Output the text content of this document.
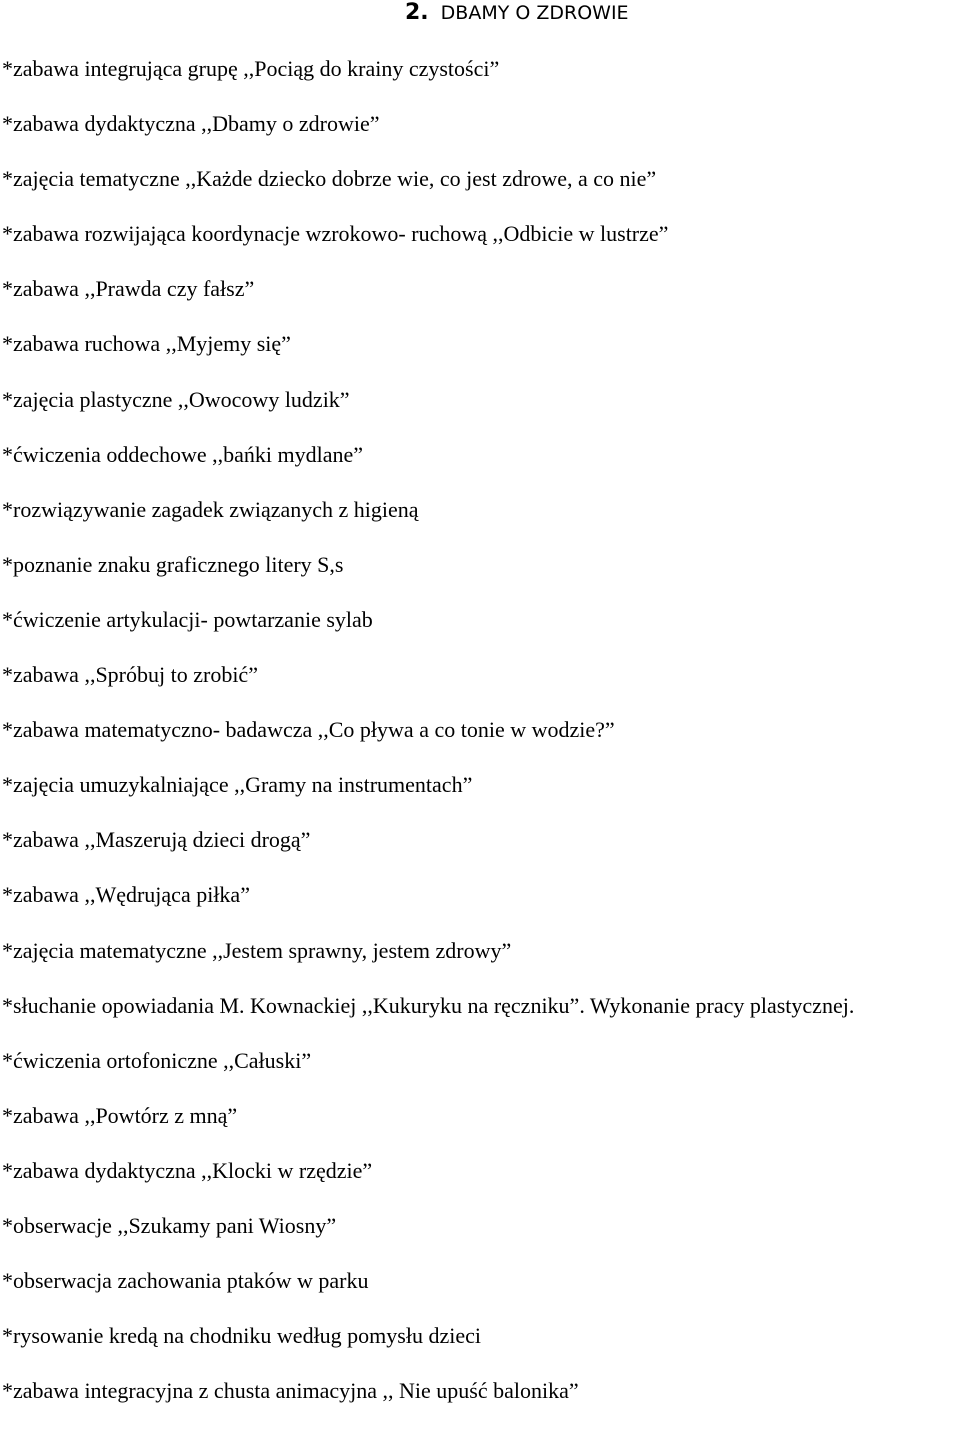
2. DBAMY O ZDROWIE
*zabawa integrująca grupę ,,Pociąg do krainy czystości”
*zabawa dydaktyczna ,,Dbamy o zdrowie”
*zajęcia tematyczne ,,Każde dziecko dobrze wie, co jest zdrowe, a co nie”
*zabawa rozwijająca koordynacje wzrokowo- ruchową ,,Odbicie w lustrze”
*zabawa ,,Prawda czy fałsz”
*zabawa ruchowa ,,Myjemy się”
*zajęcia plastyczne ,,Owocowy ludzik”
*ćwiczenia oddechowe ,,bańki mydlane”
*rozwiązywanie zagadek związanych z higieną
*poznanie znaku graficznego litery S,s
*ćwiczenie artykulacji- powtarzanie sylab
*zabawa ,,Spróbuj to zrobić”
*zabawa matematyczno- badawcza ,,Co pływa a co tonie w wodzie?”
*zajęcia umuzykalniające ,,Gramy na instrumentach”
*zabawa ,,Maszerują dzieci drogą”
*zabawa ,,Wędrująca piłka”
*zajęcia matematyczne ,,Jestem sprawny, jestem zdrowy”
*słuchanie opowiadania M. Kownackiej ,,Kukuryku na ręczniku”. Wykonanie pracy plastycznej.
*ćwiczenia ortofoniczne ,,Całuski”
*zabawa ,,Powtórz z mną”
*zabawa dydaktyczna ,,Klocki w rzędzie”
*obserwacje ,,Szukamy pani Wiosny”
*obserwacja zachowania ptaków w parku
*rysowanie kredą na chodniku według pomysłu dzieci
*zabawa integracyjna z chusta animacyjna ,, Nie upuść balonika”
